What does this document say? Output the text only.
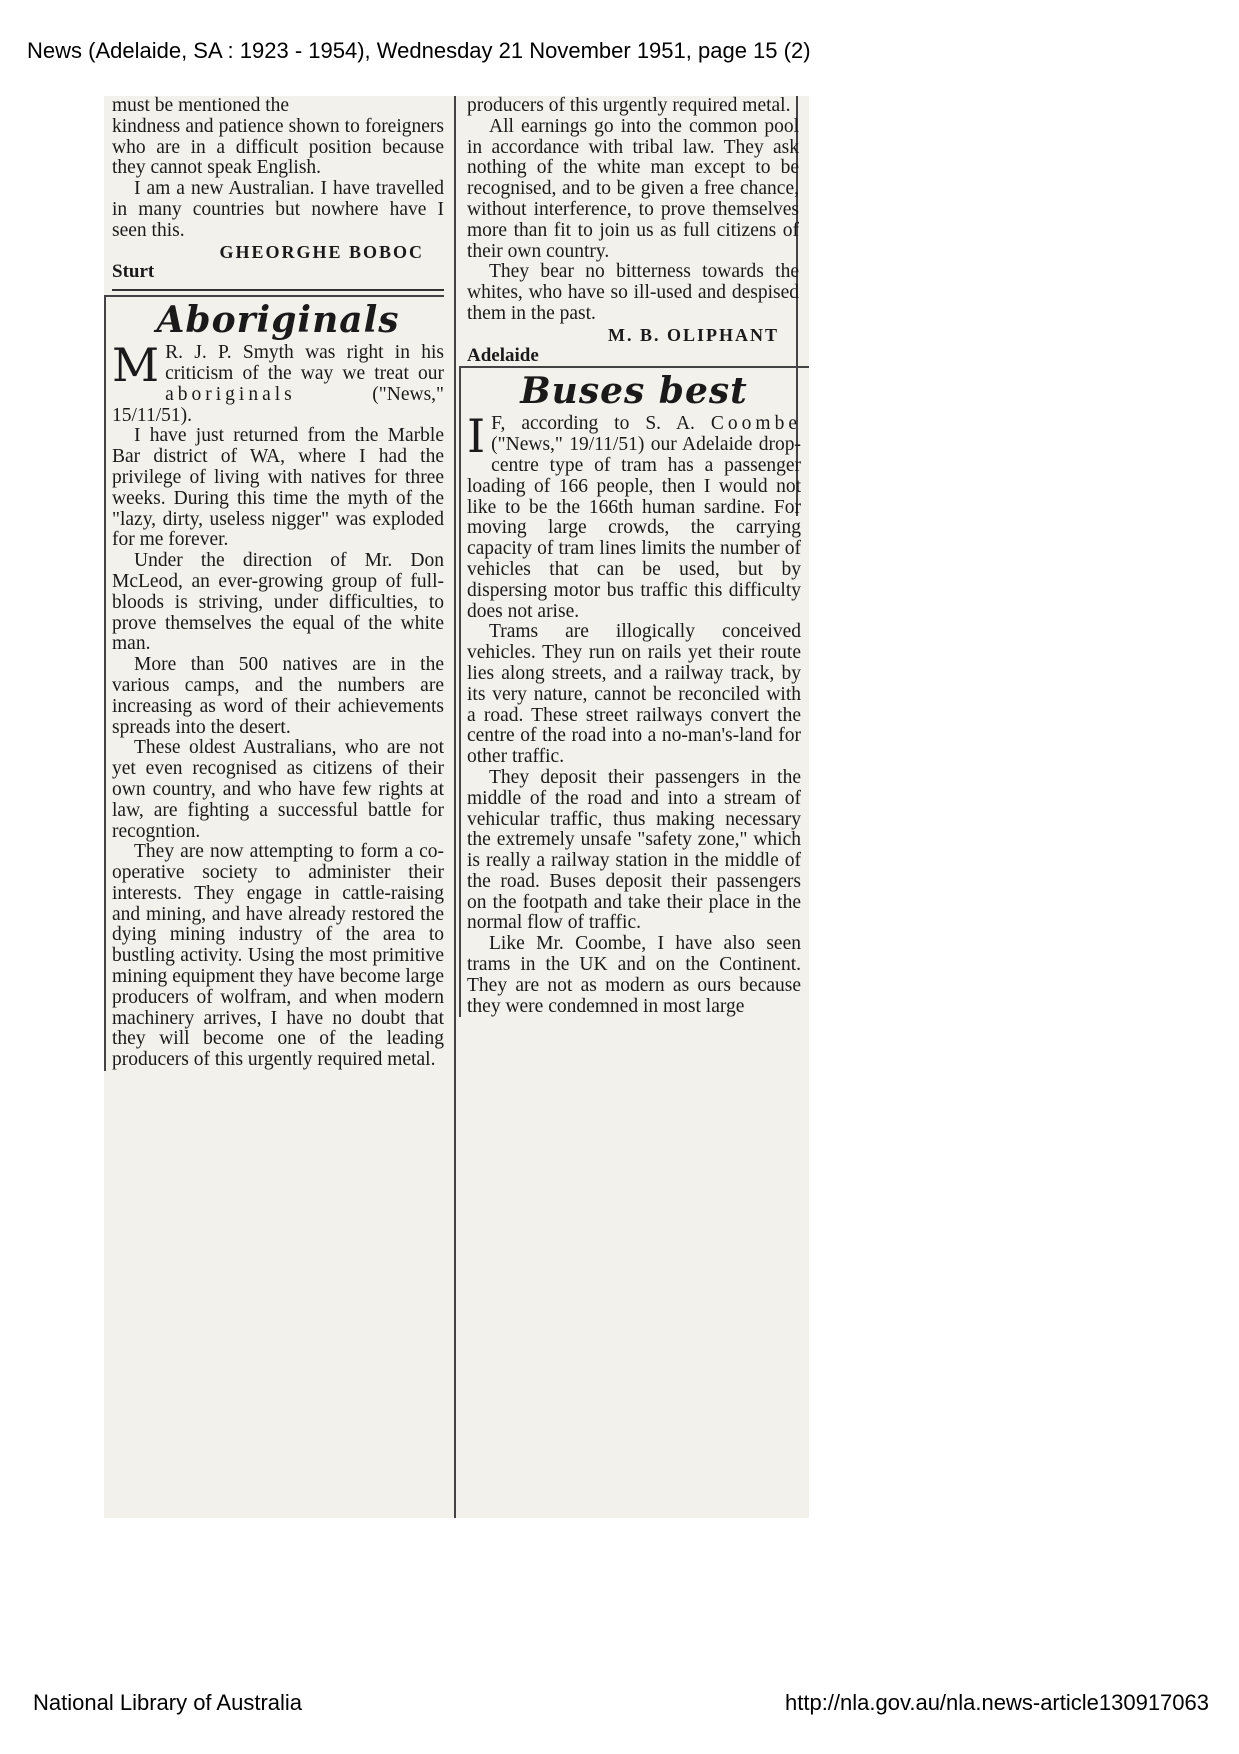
News (Adelaide, SA : 1923 - 1954), Wednesday 21 November 1951, page 15 (2)

must be mentioned the

kindness and patience shown to foreigners who are in a difficult position because they cannot speak English.

I am a new Australian. I have travelled in many countries but nowhere have I seen this.

GHEORGHE BOBOC

Sturt

Aboriginals

M R. J. P. Smyth was right in his criticism of the way we treat our aboriginals	("News," 15/11/51).

I have just returned from the Marble Bar district of WA, where I had the privilege of living with natives for three weeks. During this time the myth of the "lazy, dirty, useless nigger" was exploded for me forever.

Under the direction of Mr. Don McLeod, an ever-growing group of full-bloods is striving, under difficulties, to prove themselves the equal of the white man.

More than 500 natives are in the various camps, and the numbers are increasing as word of their achievements spreads into the desert.

These oldest Australians, who are not yet even recognised as citizens of their own country, and who have few rights at law, are fighting a successful battle for recogntion.

They are now attempting to form a co-operative society to administer their interests. They engage in cattle-raising and mining, and have already restored the dying mining industry of the area to bustling activity. Using the most primitive mining equipment they have become large producers of wolfram, and when modern machinery arrives, I have no doubt that they will become one of the leading producers of this urgently required metal.

producers of this urgently required metal.

All earnings go into the common pool in accordance with tribal law. They ask nothing of the white man except to be recognised, and to be given a free chance, without interference, to prove themselves more than fit to join us as full citizens of their own country.

They bear no bitterness towards the whites, who have so ill-used and despised them in the past.

M. B. OLIPHANT

Adelaide

Buses best

I F, according to S. A. Coombe ("News," 19/11/51) our Adelaide drop-centre type of tram has a passenger loading of 166 people, then I would not like to be the 166th human sardine. For moving large crowds, the carrying capacity of tram lines limits the number of vehicles that can be used, but by dispersing motor bus traffic this difficulty does not arise.

Trams are illogically conceived vehicles. They run on rails yet their route lies along streets, and a railway track, by its very nature, cannot be reconciled with a road. These street railways convert the centre of the road into a no-man's-land for other traffic.

They deposit their passengers in the middle of the road and into a stream of vehicular traffic, thus making necessary the extremely unsafe "safety zone," which is really a railway station in the middle of the road. Buses deposit their passengers on the footpath and take their place in the normal flow of traffic.

Like Mr. Coombe, I have also seen trams in the UK and on the Continent. They are not as modern as ours because they were condemned in most large

National Library of Australia	http://nla.gov.au/nla.news-article130917063
